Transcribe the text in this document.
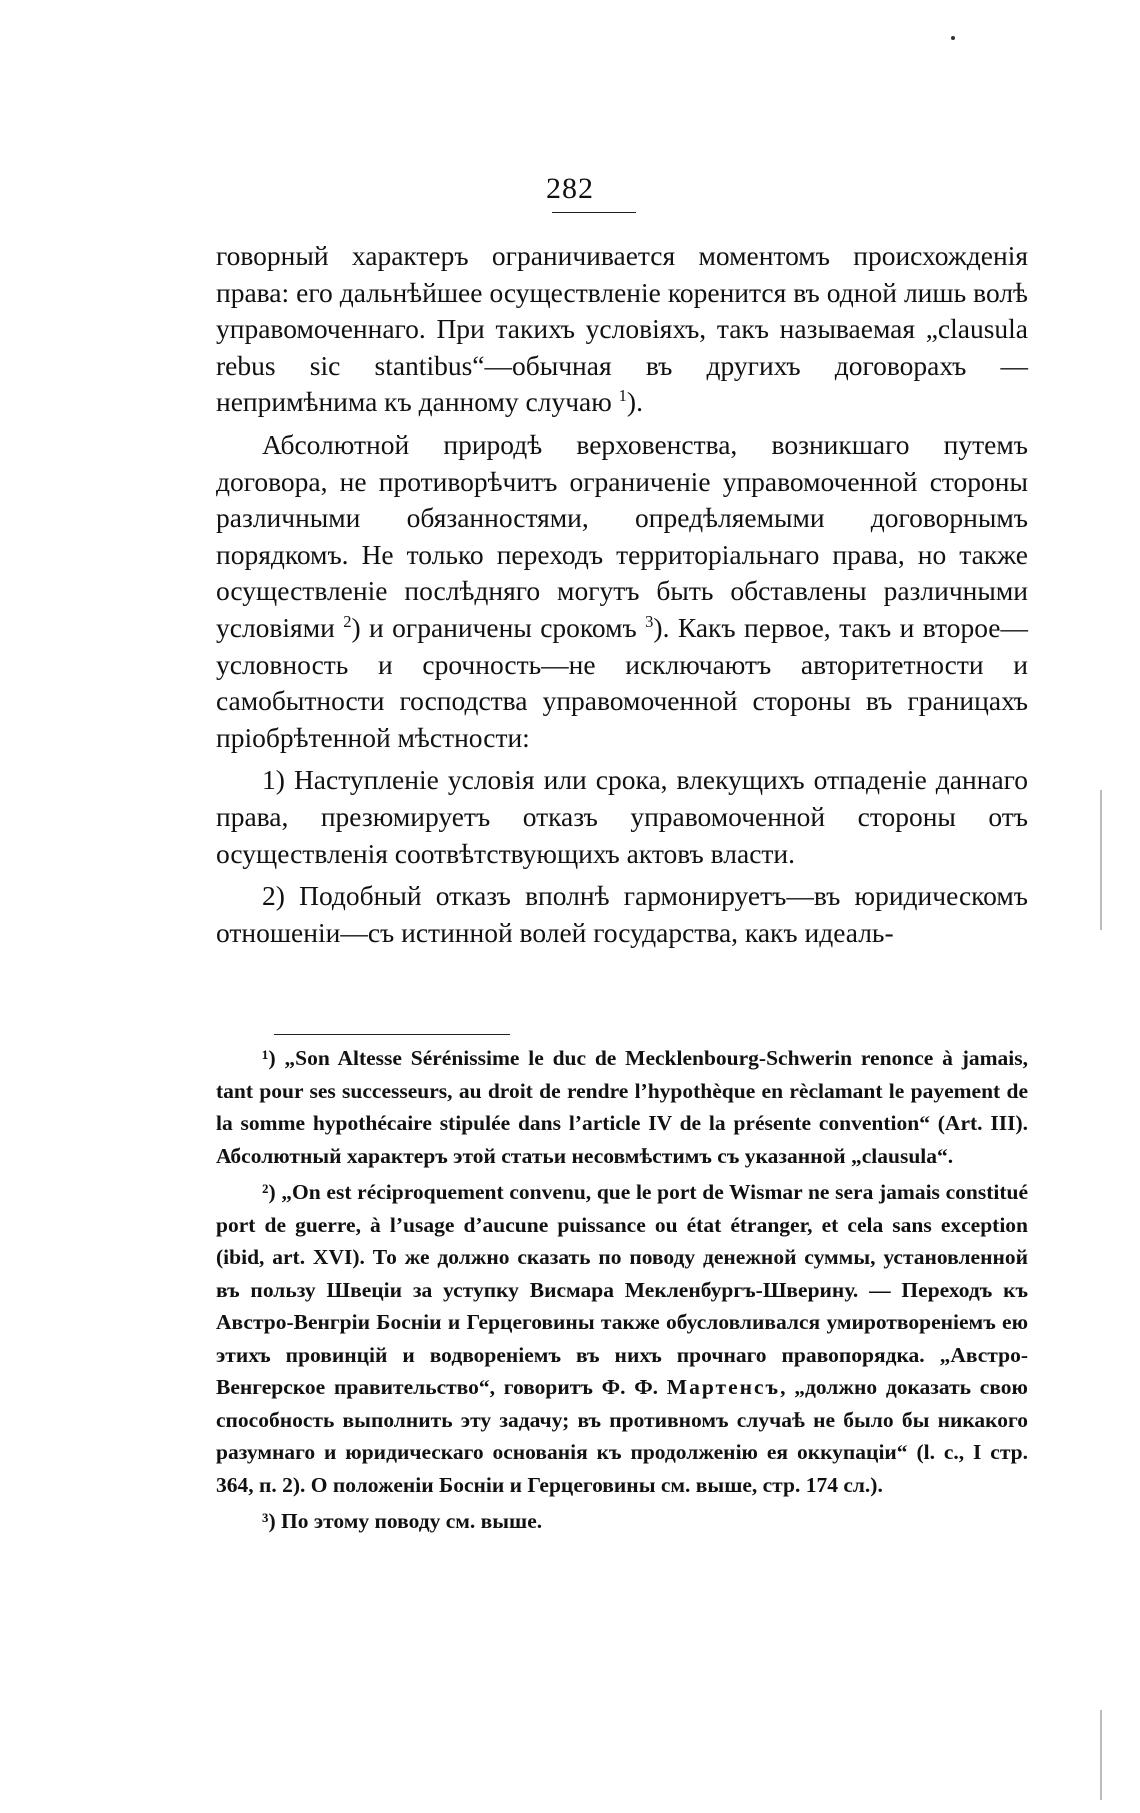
282

говорный характеръ ограничивается моментомъ происхожденія права: его дальнѣйшее осуществленіе коренится въ одной лишь волѣ управомоченнаго. При такихъ условіяхъ, такъ называемая „clausula rebus sic stantibus“—обычная въ другихъ договорахъ — непримѣнима къ данному случаю $^1$).

Абсолютной природѣ верховенства, возникшаго путемъ договора, не противорѣчитъ ограниченіе управомоченной стороны различными обязанностями, опредѣляемыми договорнымъ порядкомъ. Не только переходъ территоріальнаго права, но также осуществленіе послѣдняго могутъ быть обставлены различными условіями $^2$) и ограничены срокомъ $^3$). Какъ первое, такъ и второе—условность и срочность—не исключаютъ авторитетности и самобытности господства управомоченной стороны въ границахъ пріобрѣтенной мѣстности:

1) Наступленіе условія или срока, влекущихъ отпаденіе даннаго права, презюмируетъ отказъ управомоченной стороны отъ осуществленія соотвѣтствующихъ актовъ власти.

2) Подобный отказъ вполнѣ гармонируетъ—въ юридическомъ отношеніи—съ истинной волей государства, какъ идеаль-

¹) „Son Altesse Sérénissime le duc de Mecklenbourg-Schwerin renonce à jamais, tant pour ses successeurs, au droit de rendre l’hypothèque en rèclamant le payement de la somme hypothécaire stipulée dans l’article IV de la présente convention“ (Art. III). Абсолютный характеръ этой статьи несовмѣстимъ съ указанной „clausula“.

²) „On est réciproquement convenu, que le port de Wismar ne sera jamais constitué port de guerre, à l’usage d’aucune puissance ou état étranger, et cela sans exception (ibid, art. XVI). То же должно сказать по поводу денежной суммы, установленной въ пользу Швеціи за уступку Висмара Мекленбургъ-Шверину. — Переходъ къ Австро-Венгріи Босніи и Герцеговины также обусловливался умиротвореніемъ ею этихъ провинцій и водвореніемъ въ нихъ прочнаго правопорядка. „Австро-Венгерское правительство“, говоритъ Ф. Ф. Мартенсъ, „должно доказать свою способность выполнить эту задачу; въ противномъ случаѣ не было бы никакого разумнаго и юридическаго основанія къ продолженію ея оккупаціи“ (l. c., I стр. 364, п. 2). О положеніи Босніи и Герцеговины см. выше, стр. 174 сл.).

³) По этому поводу см. выше.
